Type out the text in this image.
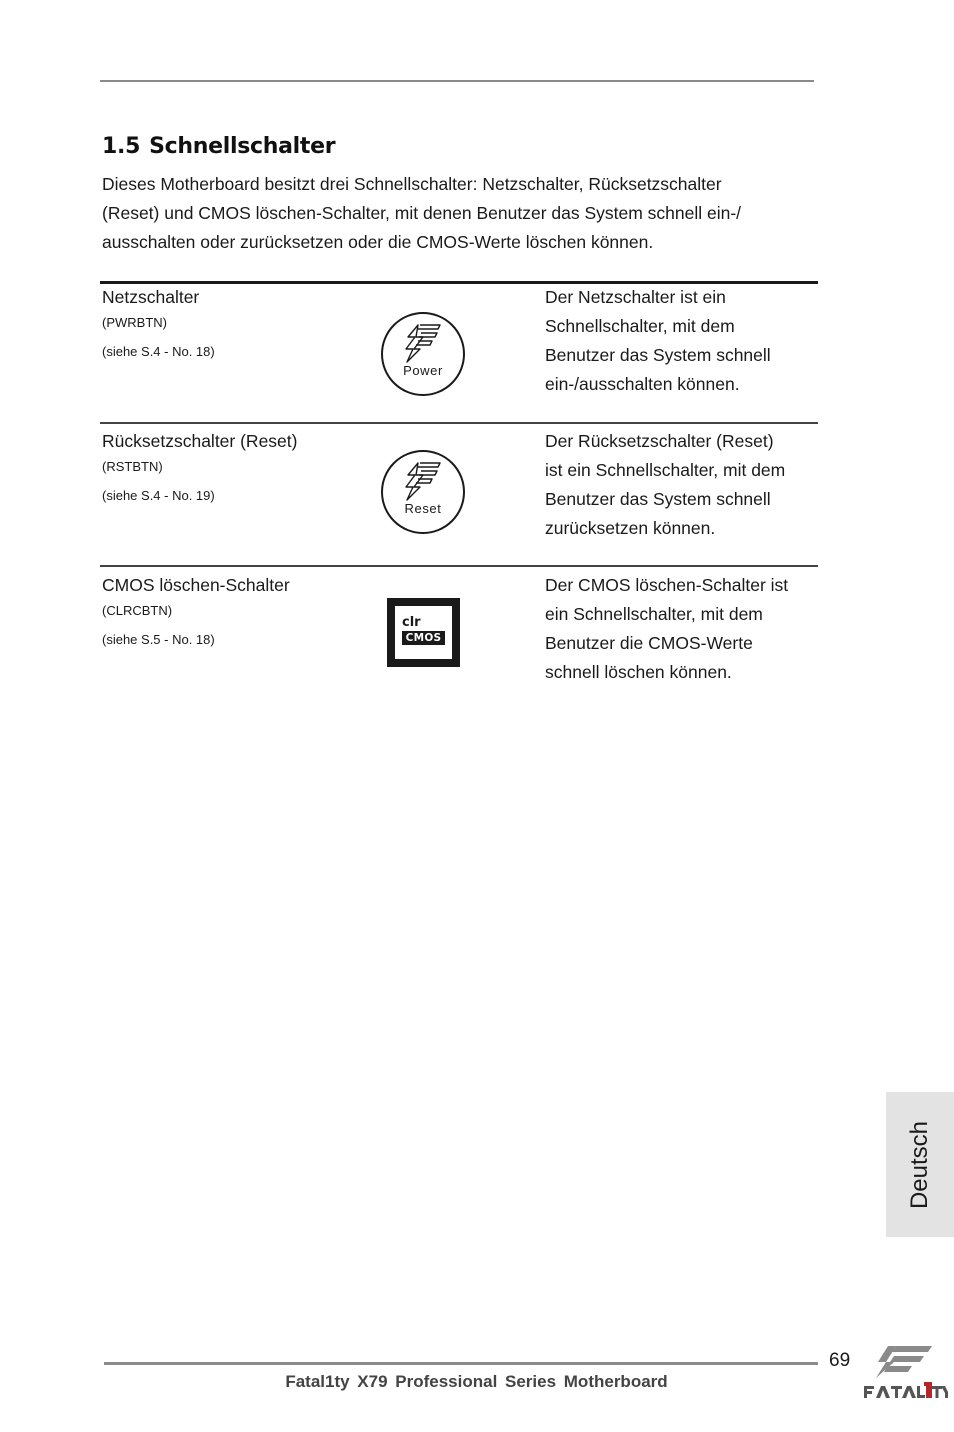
1.5 Schnellschalter
Dieses Motherboard besitzt drei Schnellschalter: Netzschalter, Rücksetzschalter
(Reset) und CMOS löschen-Schalter, mit denen Benutzer das System schnell ein-/
ausschalten oder zurücksetzen oder die CMOS-Werte löschen können.
Netzschalter
(PWRBTN)
(siehe S.4 - No. 18)
Power
Der Netzschalter ist ein
Schnellschalter, mit dem
Benutzer das System schnell
ein-/ausschalten können.
Rücksetzschalter (Reset)
(RSTBTN)
(siehe S.4 - No. 19)
Reset
Der Rücksetzschalter (Reset)
ist ein Schnellschalter, mit dem
Benutzer das System schnell
zurücksetzen können.
CMOS löschen-Schalter
(CLRCBTN)
(siehe S.5 - No. 18)
clr
CMOS
Der CMOS löschen-Schalter ist
ein Schnellschalter, mit dem
Benutzer die CMOS-Werte
schnell löschen können.
Deutsch
69
Fatal1ty X79 Professional Series Motherboard
